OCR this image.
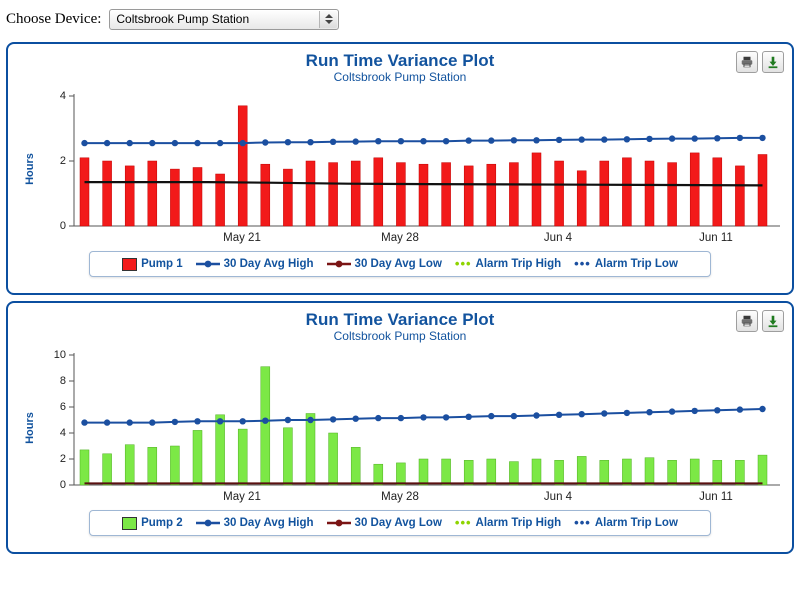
Choose Device:	Coltsbrook Pump Station
Run Time Variance Plot
Coltsbrook Pump Station
Hours
0
2
4
May 21	May 28	Jun 4	Jun 11
Pump 1	30 Day Avg High	30 Day Avg Low ••• Alarm Trip High ••• Alarm Trip Low
Run Time Variance Plot
Coltsbrook Pump Station
Hours
0
2
4
6
8
10
May 21	May 28	Jun 4	Jun 11
Pump 2	30 Day Avg High	30 Day Avg Low ••• Alarm Trip High ••• Alarm Trip Low
